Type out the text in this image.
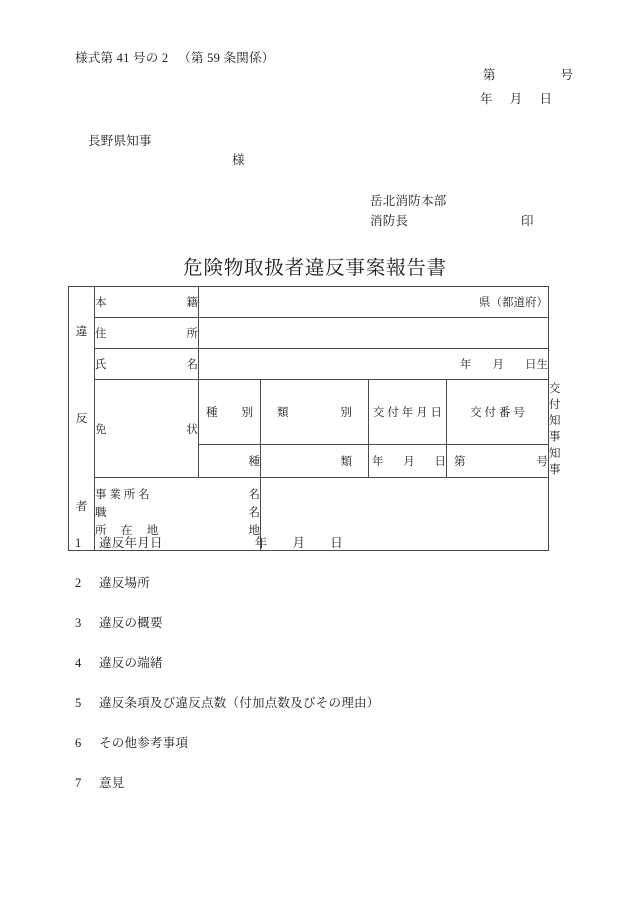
様式第 41 号の 2 　（第 59 条関係）
第	号
年 月 日
長野県知事
様
岳北消防本部
消防長	印
危険物取扱者違反事案報告書
違
反
者	本 籍	県（都道府）				

	住 所					

	氏 名	年 月 日生				

	免 状	種 別	類 別	交 付 年 月 日	交 付 番 号	交 付 知 事
		種	類	年 月 日	第 号	知事

事 業 所 名	名
職	名
所 　在 　地	地

1	違反年月日	年 月 日
2	違反場所
3	違反の概要
4	違反の端緒
5	違反条項及び違反点数（付加点数及びその理由）
6	その他参考事項
7	意見
